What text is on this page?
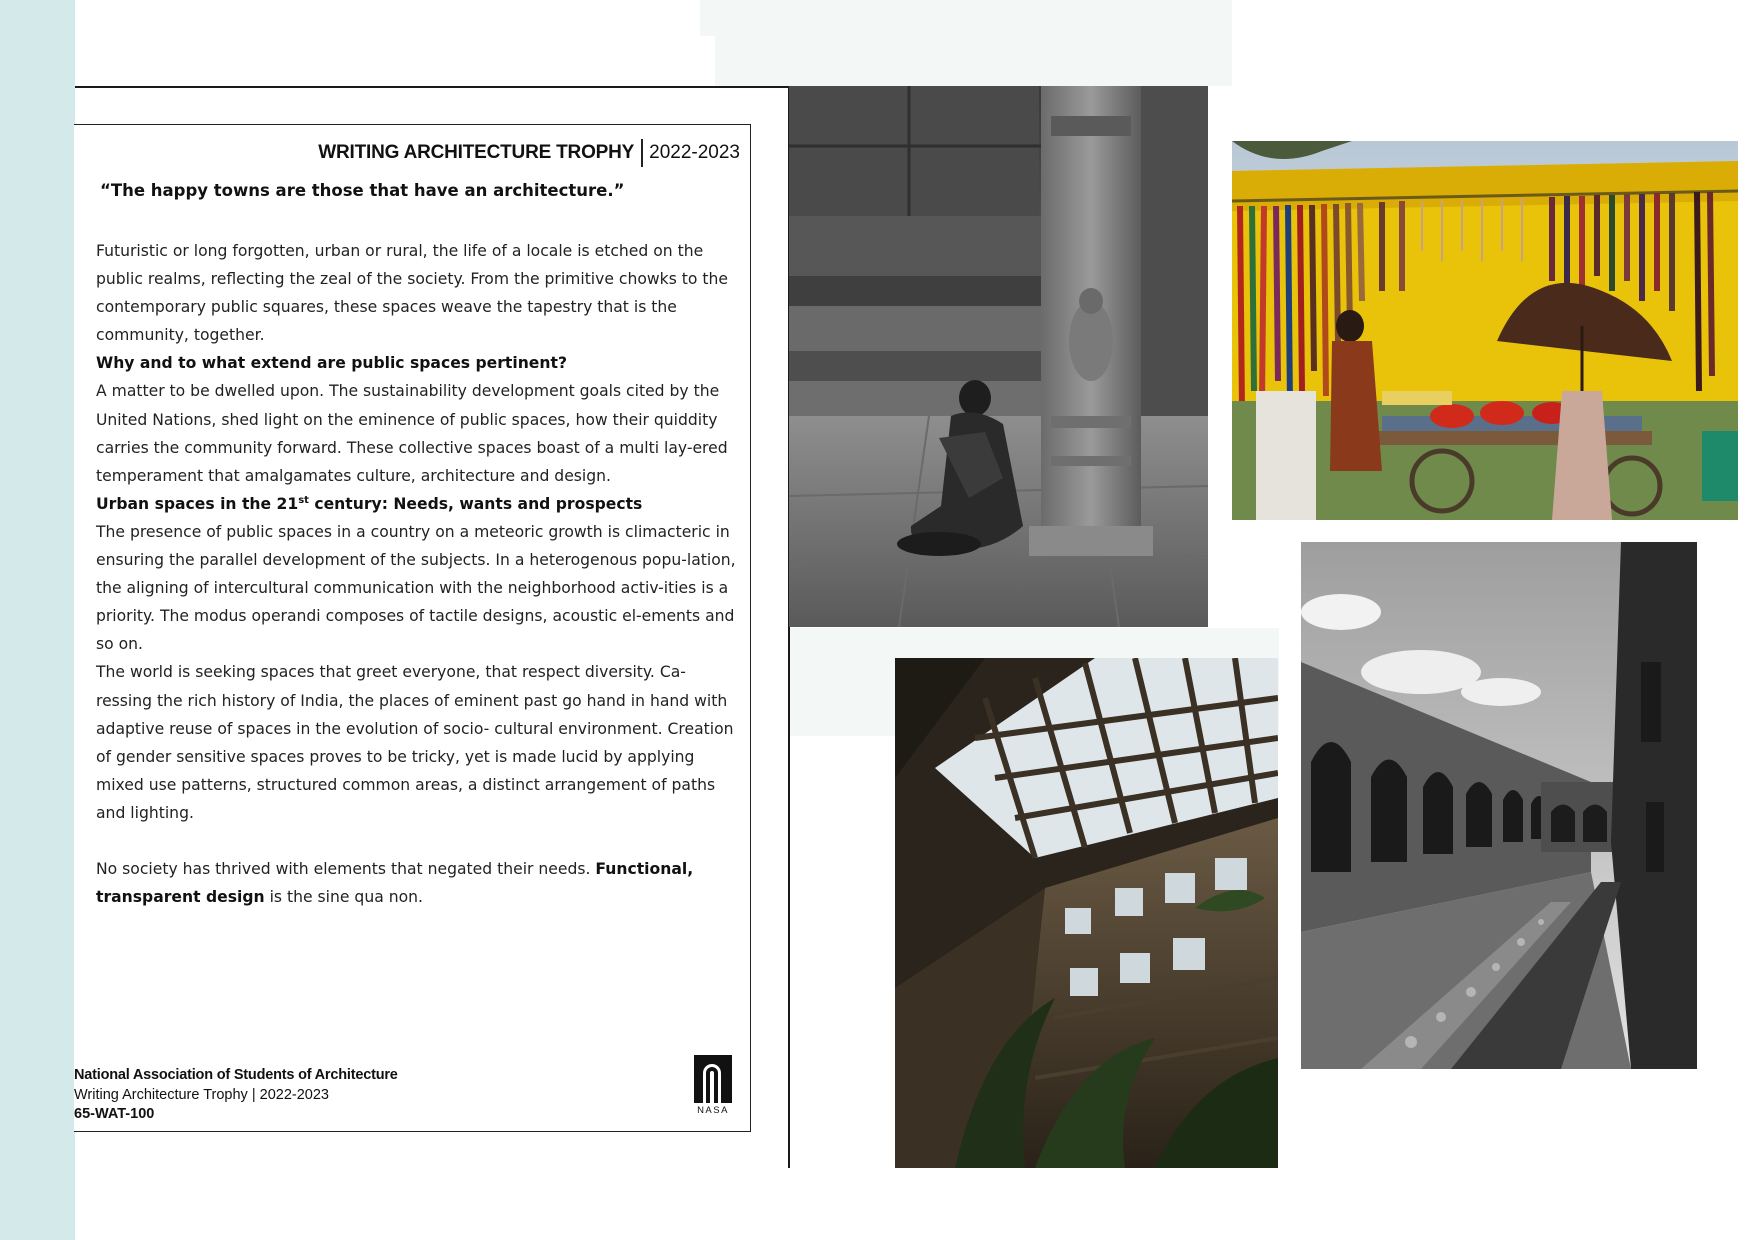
WRITING ARCHITECTURE TROPHY 2022-2023
“The happy towns are those that have an architecture.”

Futuristic or long forgotten, urban or rural, the life of a locale is etched on the public realms, reflecting the zeal of the society. From the primitive chowks to the contemporary public squares, these spaces weave the tapestry that is the community, together.

Why and to what extend are public spaces pertinent?

A matter to be dwelled upon. The sustainability development goals cited by the United Nations, shed light on the eminence of public spaces, how their quiddity carries the community forward. These collective spaces boast of a multi lay-ered temperament that amalgamates culture, architecture and design.

Urban spaces in the 21st century: Needs, wants and prospects

The presence of public spaces in a country on a meteoric growth is climacteric in ensuring the parallel development of the subjects. In a heterogenous popu-lation, the aligning of intercultural communication with the neighborhood activ-ities is a priority. The modus operandi composes of tactile designs, acoustic el-ements and so on.

The world is seeking spaces that greet everyone, that respect diversity. Ca-ressing the rich history of India, the places of eminent past go hand in hand with adaptive reuse of spaces in the evolution of socio- cultural environment. Creation of gender sensitive spaces proves to be tricky, yet is made lucid by applying mixed use patterns, structured common areas, a distinct arrangement of paths and lighting.

No society has thrived with elements that negated their needs. Functional, transparent design is the sine qua non.

National Association of Students of Architecture
Writing Architecture Trophy | 2022-2023
65-WAT-100	NASA
